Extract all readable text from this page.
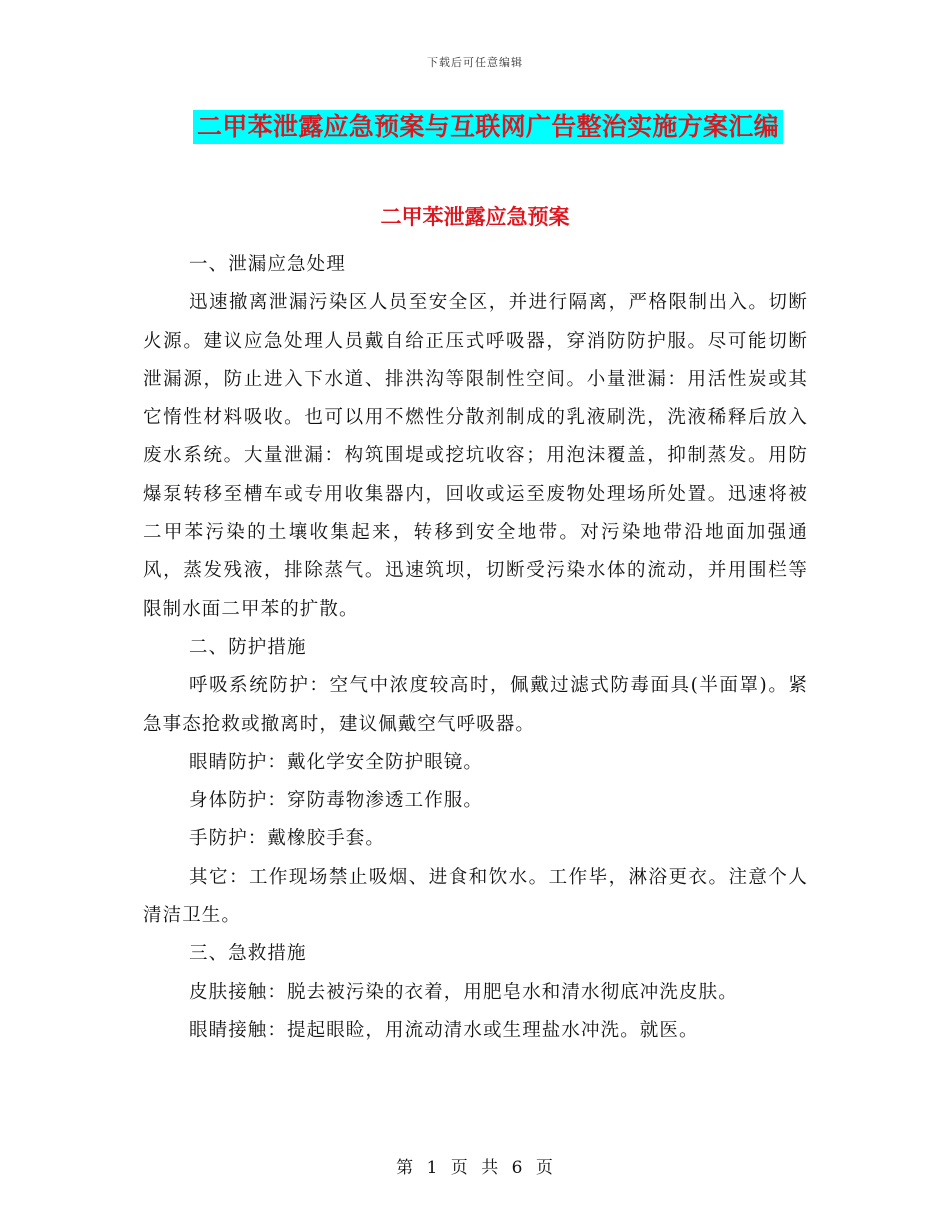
下载后可任意编辑
二甲苯泄露应急预案与互联网广告整治实施方案汇编
二甲苯泄露应急预案

一、泄漏应急处理

迅速撤离泄漏污染区人员至安全区，并进行隔离，严格限制出入。切断火源。建议应急处理人员戴自给正压式呼吸器，穿消防防护服。尽可能切断泄漏源，防止进入下水道、排洪沟等限制性空间。小量泄漏：用活性炭或其它惰性材料吸收。也可以用不燃性分散剂制成的乳液刷洗，洗液稀释后放入废水系统。大量泄漏：构筑围堤或挖坑收容；用泡沫覆盖，抑制蒸发。用防爆泵转移至槽车或专用收集器内，回收或运至废物处理场所处置。迅速将被二甲苯污染的土壤收集起来，转移到安全地带。对污染地带沿地面加强通风，蒸发残液，排除蒸气。迅速筑坝，切断受污染水体的流动，并用围栏等限制水面二甲苯的扩散。

二、防护措施

呼吸系统防护：空气中浓度较高时，佩戴过滤式防毒面具(半面罩)。紧急事态抢救或撤离时，建议佩戴空气呼吸器。

眼睛防护：戴化学安全防护眼镜。

身体防护：穿防毒物渗透工作服。

手防护：戴橡胶手套。

其它：工作现场禁止吸烟、进食和饮水。工作毕，淋浴更衣。注意个人清洁卫生。

三、急救措施

皮肤接触：脱去被污染的衣着，用肥皂水和清水彻底冲洗皮肤。

眼睛接触：提起眼睑，用流动清水或生理盐水冲洗。就医。

第 1 页 共 6 页
